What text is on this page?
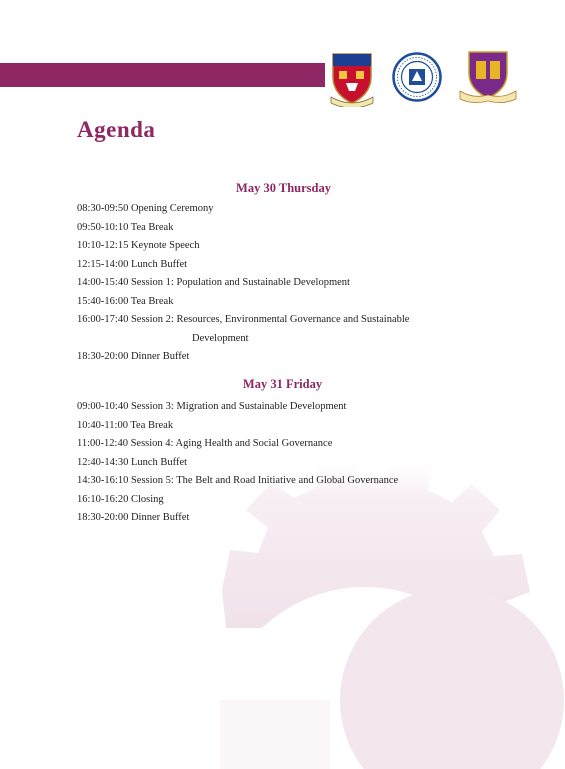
Agenda
May 30 Thursday
08:30-09:50 Opening Ceremony
09:50-10:10 Tea Break
10:10-12:15 Keynote Speech
12:15-14:00 Lunch Buffet
14:00-15:40 Session 1: Population and Sustainable Development
15:40-16:00 Tea Break
16:00-17:40 Session 2: Resources, Environmental Governance and Sustainable
Development
18:30-20:00 Dinner Buffet
May 31 Friday
09:00-10:40 Session 3: Migration and Sustainable Development
10:40-11:00 Tea Break
11:00-12:40 Session 4: Aging Health and Social Governance
12:40-14:30 Lunch Buffet
14:30-16:10 Session 5: The Belt and Road Initiative and Global Governance
16:10-16:20 Closing
18:30-20:00 Dinner Buffet
